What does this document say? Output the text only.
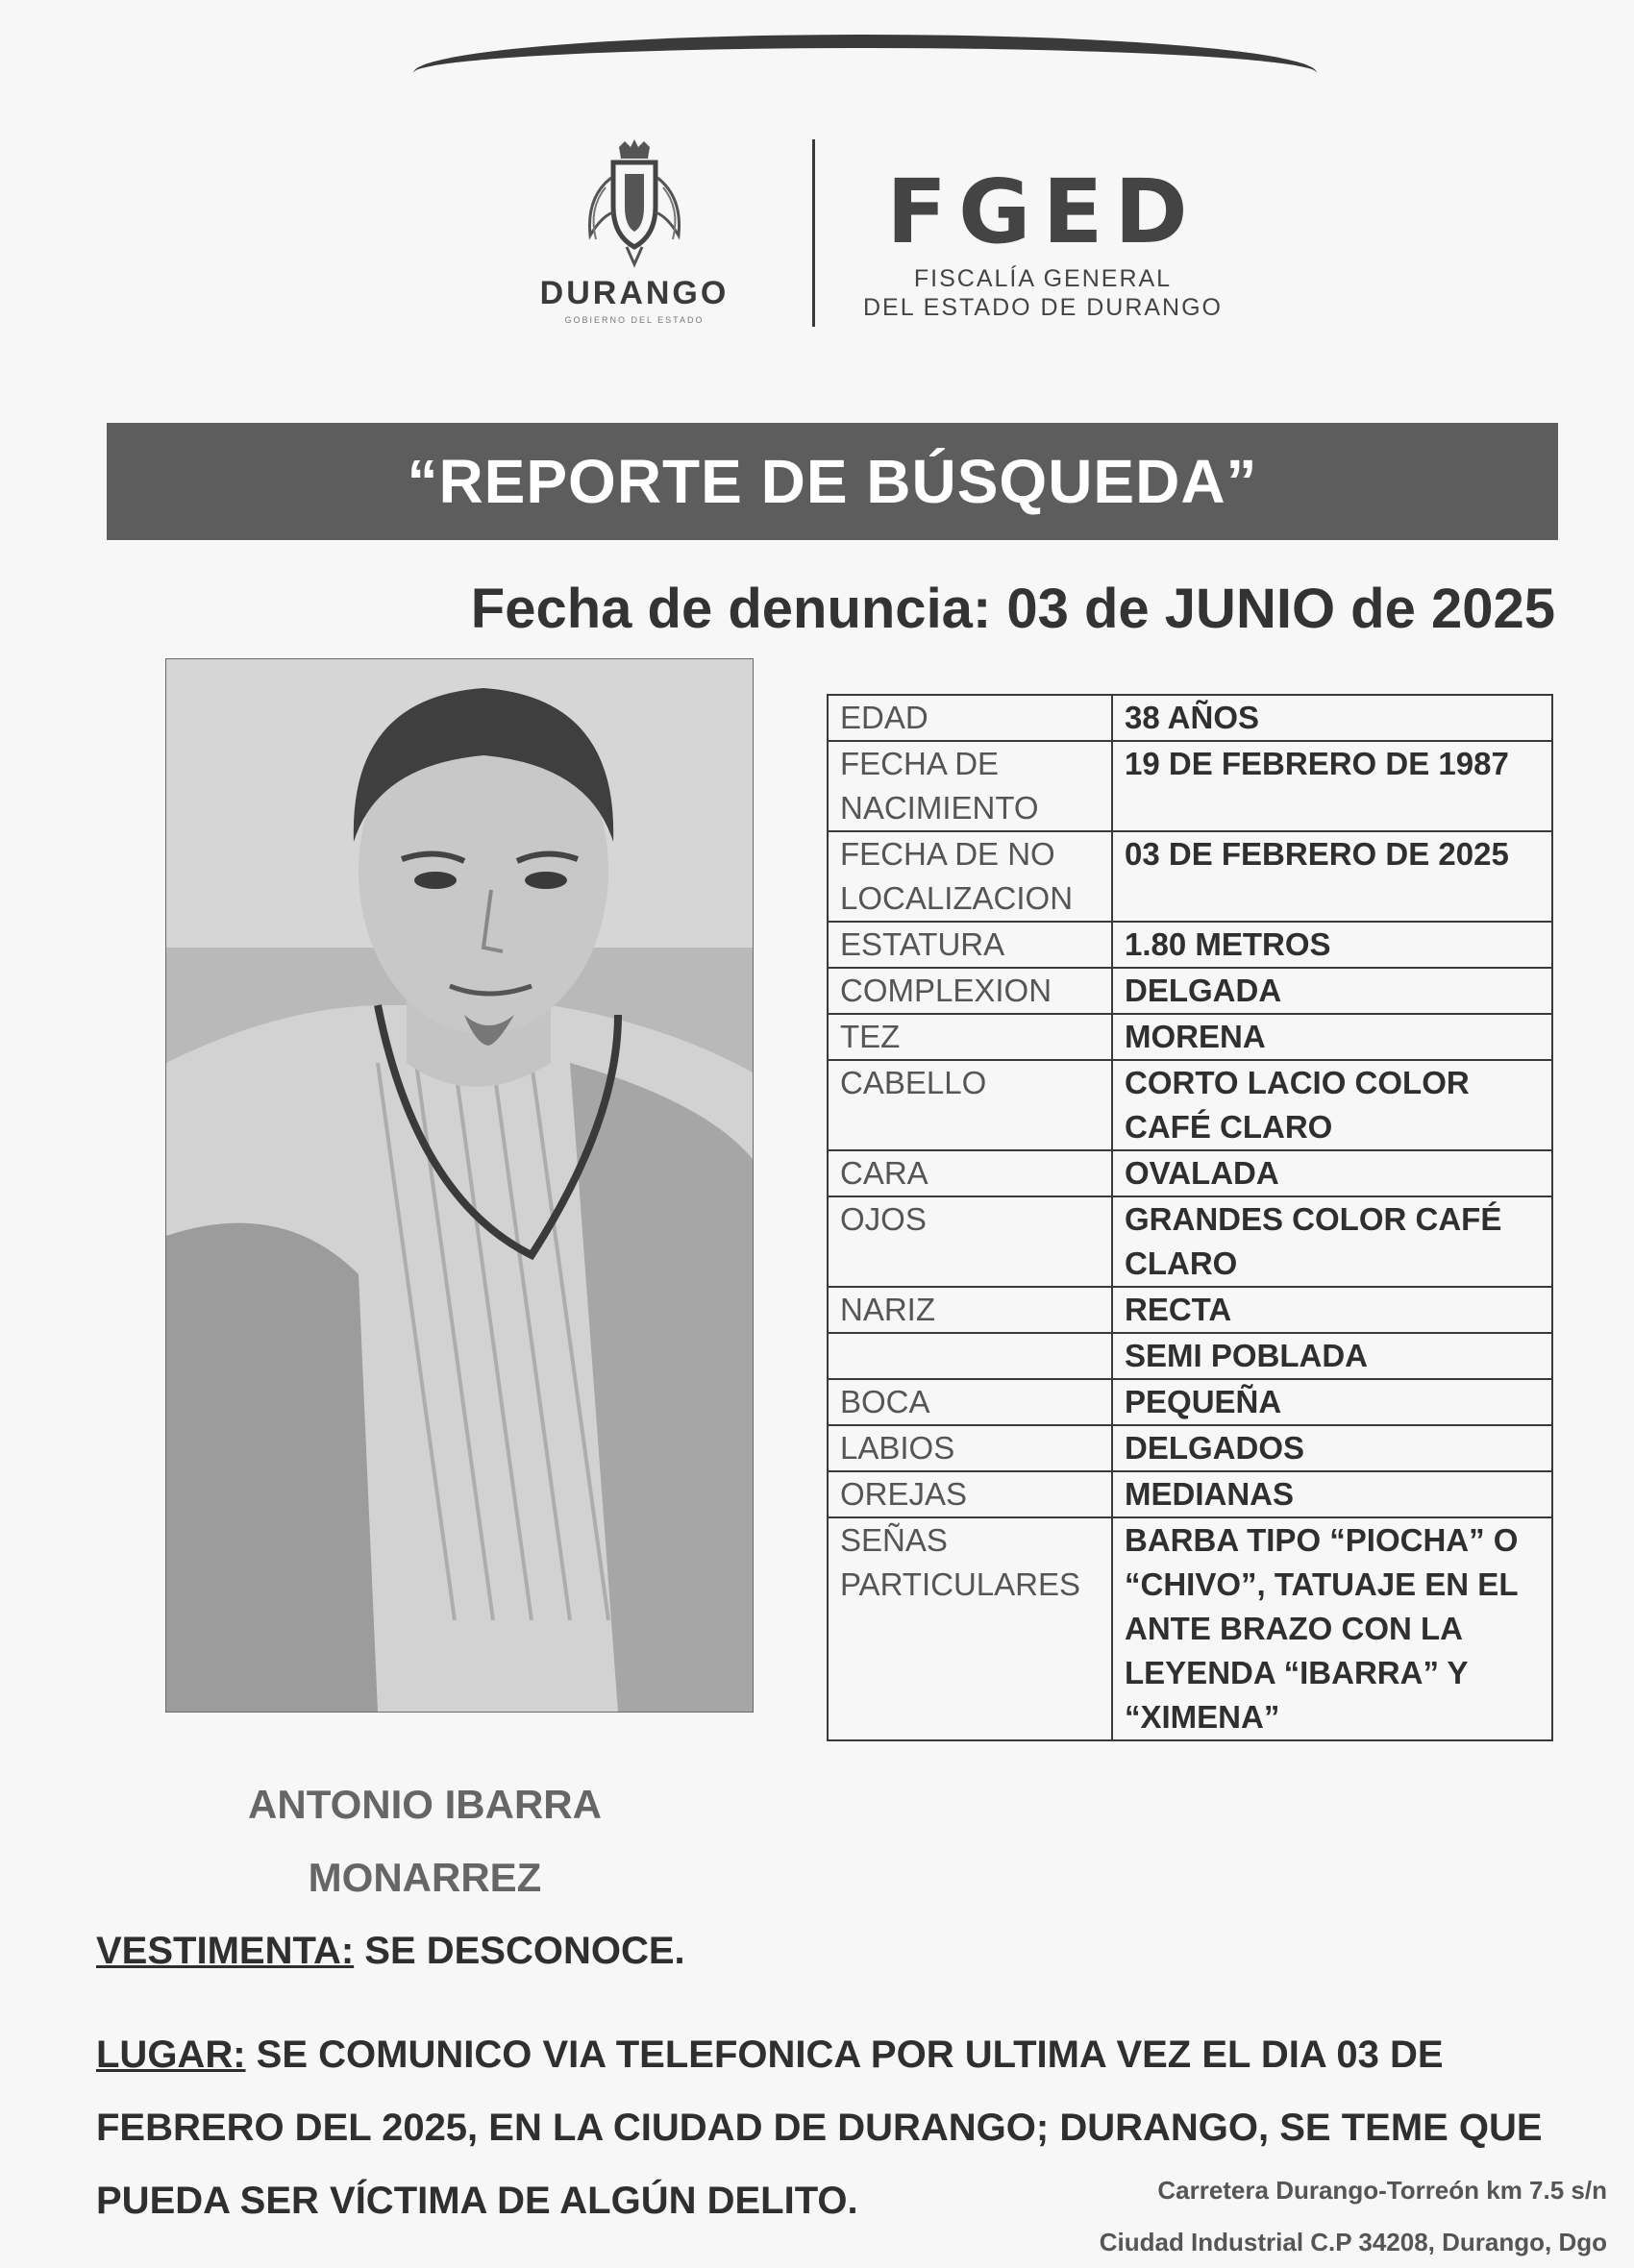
DURANGO
GOBIERNO DEL ESTADO
FGED
FISCALÍA GENERAL
DEL ESTADO DE DURANGO
“REPORTE DE BÚSQUEDA”
Fecha de denuncia: 03 de JUNIO de 2025
EDAD	38 AÑOS
FECHA DE NACIMIENTO	19 DE FEBRERO DE 1987
FECHA DE NO LOCALIZACION	03 DE FEBRERO DE 2025
ESTATURA	1.80 METROS
COMPLEXION	DELGADA
TEZ	MORENA
CABELLO	CORTO LACIO COLOR CAFÉ CLARO
CARA	OVALADA
OJOS	GRANDES COLOR CAFÉ CLARO
NARIZ	RECTA
	SEMI POBLADA
BOCA	PEQUEÑA
LABIOS	DELGADOS
OREJAS	MEDIANAS
SEÑAS PARTICULARES	BARBA TIPO “PIOCHA” O “CHIVO”, TATUAJE EN EL ANTE BRAZO CON LA LEYENDA “IBARRA” Y “XIMENA”
ANTONIO IBARRA
MONARREZ
VESTIMENTA: SE DESCONOCE.
LUGAR: SE COMUNICO VIA TELEFONICA POR ULTIMA VEZ EL DIA 03 DE FEBRERO DEL 2025, EN LA CIUDAD DE DURANGO; DURANGO, SE TEME QUE PUEDA SER VÍCTIMA DE ALGÚN DELITO.	Carretera Durango-Torreón km 7.5 s/n
Ciudad Industrial C.P 34208, Durango, Dgo
